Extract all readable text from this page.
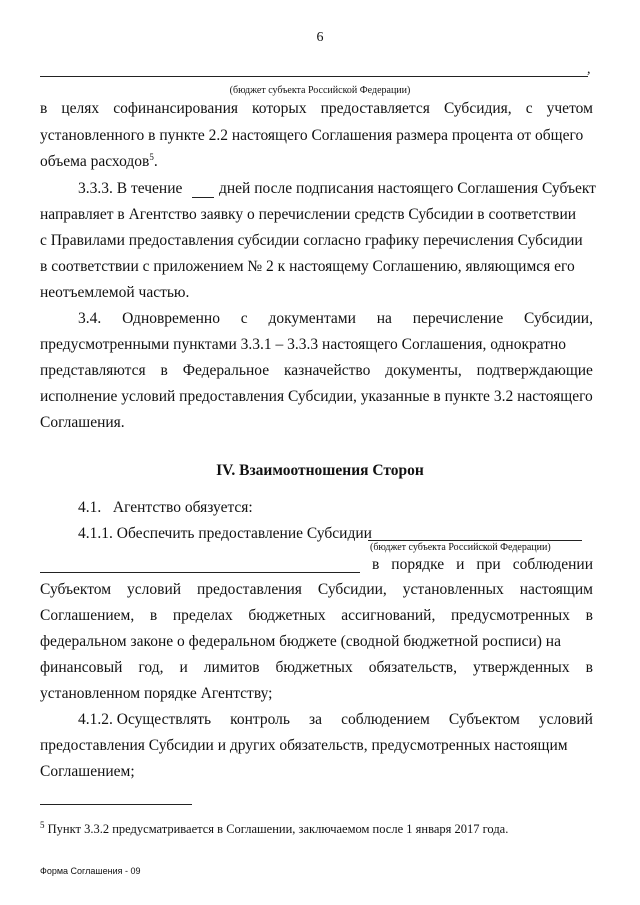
6
,
(бюджет субъекта Российской Федерации)
в целях софинансирования которых предоставляется Субсидия, с учетом
установленного в пункте 2.2 настоящего Соглашения размера процента от общего
объема расходов$^5$.
3.3.3. В течение дней после подписания настоящего Соглашения Субъект
направляет в Агентство заявку о перечислении средств Субсидии в соответствии
с Правилами предоставления субсидии согласно графику перечисления Субсидии
в соответствии с приложением № 2 к настоящему Соглашению, являющимся его
неотъемлемой частью.
3.4. Одновременно с документами на перечисление Субсидии,
предусмотренными пунктами 3.3.1 – 3.3.3 настоящего Соглашения, однократно
представляются в Федеральное казначейство документы, подтверждающие
исполнение условий предоставления Субсидии, указанные в пункте 3.2 настоящего
Соглашения.
IV. Взаимоотношения Сторон
4.1.   Агентство обязуется:
4.1.1. Обеспечить предоставление Субсидии
(бюджет субъекта Российской Федерации)
в порядке и при соблюдении
Субъектом условий предоставления Субсидии, установленных настоящим
Соглашением, в пределах бюджетных ассигнований, предусмотренных в
федеральном законе о федеральном бюджете (сводной бюджетной росписи) на
финансовый год, и лимитов бюджетных обязательств, утвержденных в
установленном порядке Агентству;
4.1.2. Осуществлять контроль за соблюдением Субъектом условий
предоставления Субсидии и других обязательств, предусмотренных настоящим
Соглашением;
$^5$ Пункт 3.3.2 предусматривается в Соглашении, заключаемом после 1 января 2017 года.
Форма Соглашения - 09
